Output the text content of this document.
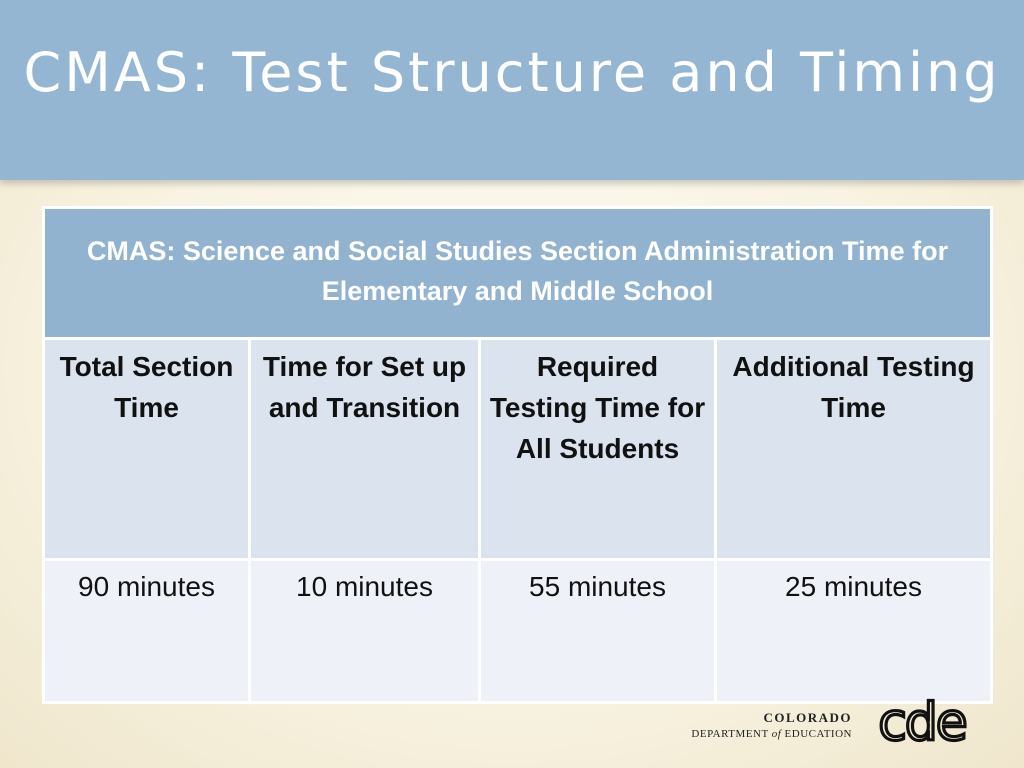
CMAS: Test Structure and Timing
CMAS: Science and Social Studies Section Administration Time for Elementary and Middle School			
Total Section Time	Time for Set up and Transition	Required Testing Time for All Students	Additional Testing Time
90 minutes	10 minutes	55 minutes	25 minutes
COLORADO
DEPARTMENT of EDUCATION cde
